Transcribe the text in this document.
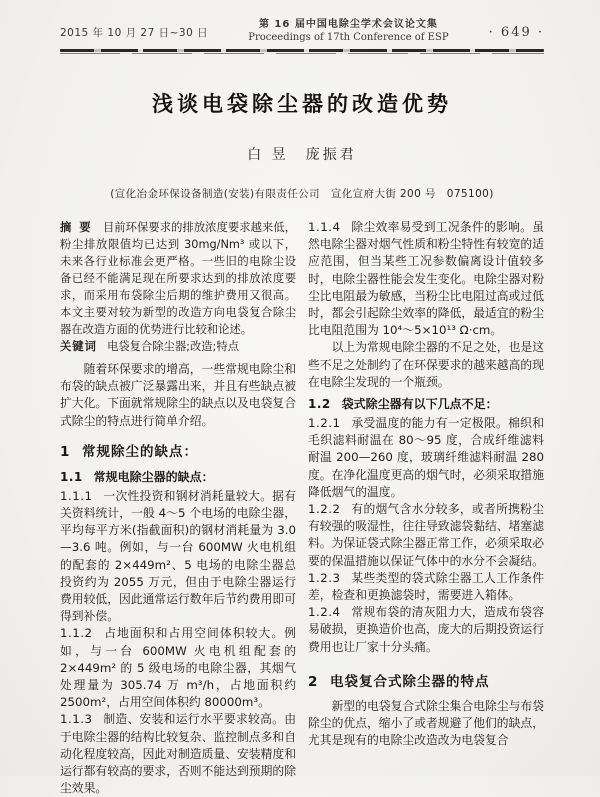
2015 年 10 月 27 日~30 日
第 16 届中国电除尘学术会议论文集
Proceedings of 17th Conference of ESP	· 649 ·
浅谈电袋除尘器的改造优势
白 昱　庞振君
(宣化冶金环保设备制造(安装)有限责任公司　宣化宣府大街 200 号　075100)

摘 要 目前环保要求的排放浓度要求越来低，粉尘排放限值均已达到 30mg/Nm³ 或以下，未来各行业标准会更严格。一些旧的电除尘设备已经不能满足现在所要求达到的排放浓度要求，而采用布袋除尘后期的维护费用又很高。本文主要对较为新型的改造方向电袋复合除尘器在改造方面的优势进行比较和论述。

关键词 电袋复合除尘器;改造;特点

随着环保要求的增高，一些常规电除尘和布袋的缺点被广泛暴露出来，并且有些缺点被扩大化。下面就常规除尘的缺点以及电袋复合式除尘的特点进行简单介绍。

1 常规除尘的缺点：
1.1 常规电除尘器的缺点：

1.1.1 一次性投资和钢材消耗量较大。据有关资料统计，一般 4～5 个电场的电除尘器，平均每平方米(指截面积)的钢材消耗量为 3.0—3.6 吨。例如，与一台 600MW 火电机组的配套的 2×449m²、5 电场的电除尘器总投资约为 2055 万元，但由于电除尘器运行费用较低，因此通常运行数年后节约费用即可得到补偿。

1.1.2 占地面积和占用空间体积较大。例如，与一台 600MW 火电机组配套的 2×449m² 的 5 级电场的电除尘器，其烟气处理量为 305.74 万 m³/h，占地面积约 2500m²，占用空间体积约 80000m³。

1.1.3 制造、安装和运行水平要求较高。由于电除尘器的结构比较复杂、监控制点多和自动化程度较高，因此对制造质量、安装精度和运行都有较高的要求，否则不能达到预期的除尘效果。

1.1.4 除尘效率易受到工况条件的影响。虽然电除尘器对烟气性质和粉尘特性有较宽的适应范围，但当某些工况参数偏离设计值较多时，电除尘器性能会发生变化。电除尘器对粉尘比电阻最为敏感，当粉尘比电阻过高或过低时，都会引起除尘效率的降低，最适宜的粉尘比电阻范围为 10⁴～5×10¹³ Ω·cm。

以上为常规电除尘器的不足之处，也是这些不足之处制约了在环保要求的越来越高的现在电除尘发现的一个瓶颈。

1.2 袋式除尘器有以下几点不足：

1.2.1 承受温度的能力有一定极限。棉织和毛织滤料耐温在 80～95 度，合成纤维滤料耐温 200—260 度，玻璃纤维滤料耐温 280 度。在净化温度更高的烟气时，必须采取措施降低烟气的温度。

1.2.2 有的烟气含水分较多，或者所携粉尘有较强的吸湿性，往往导致滤袋黏结、堵塞滤料。为保证袋式除尘器正常工作，必须采取必要的保温措施以保证气体中的水分不会凝结。

1.2.3 某些类型的袋式除尘器工人工作条件差，检查和更换滤袋时，需要进入箱体。

1.2.4 常规布袋的清灰阻力大，造成布袋容易破损，更换造价也高，庞大的后期投资运行费用也让厂家十分头痛。

2 电袋复合式除尘器的特点

新型的电袋复合式除尘集合电除尘与布袋除尘的优点，缩小了或者规避了他们的缺点，尤其是现有的电除尘改造改为电袋复合
